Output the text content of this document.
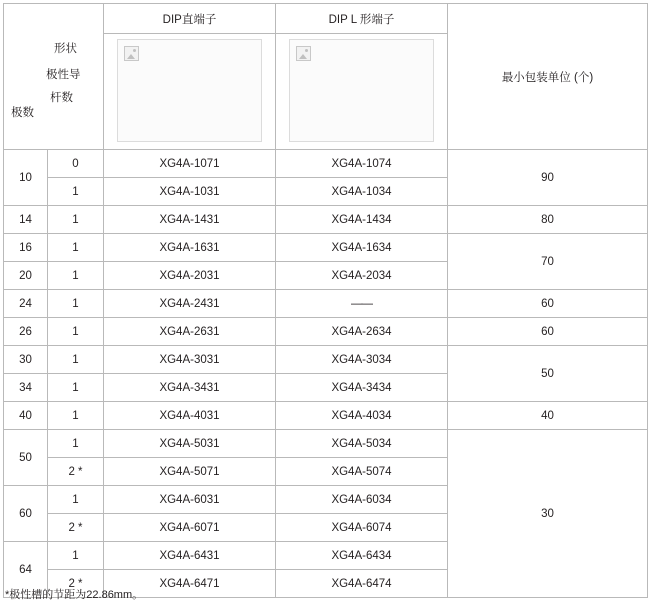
形状
极性导
杆数
极数		DIP直端子	DIP L 形端子	最小包装单位 (个)

10	0	XG4A-1071	XG4A-1074	90
	1	XG4A-1031	XG4A-1034	
14	1	XG4A-1431	XG4A-1434	80
16	1	XG4A-1631	XG4A-1634	70
20	1	XG4A-2031	XG4A-2034	
24	1	XG4A-2431	——	60
26	1	XG4A-2631	XG4A-2634	60
30	1	XG4A-3031	XG4A-3034	50
34	1	XG4A-3431	XG4A-3434	
40	1	XG4A-4031	XG4A-4034	40
50	1	XG4A-5031	XG4A-5034	30
	2 *	XG4A-5071	XG4A-5074	
60	1	XG4A-6031	XG4A-6034	
	2 *	XG4A-6071	XG4A-6074	
64	1	XG4A-6431	XG4A-6434	
	2 *	XG4A-6471	XG4A-6474	
*极性槽的节距为22.86mm。
